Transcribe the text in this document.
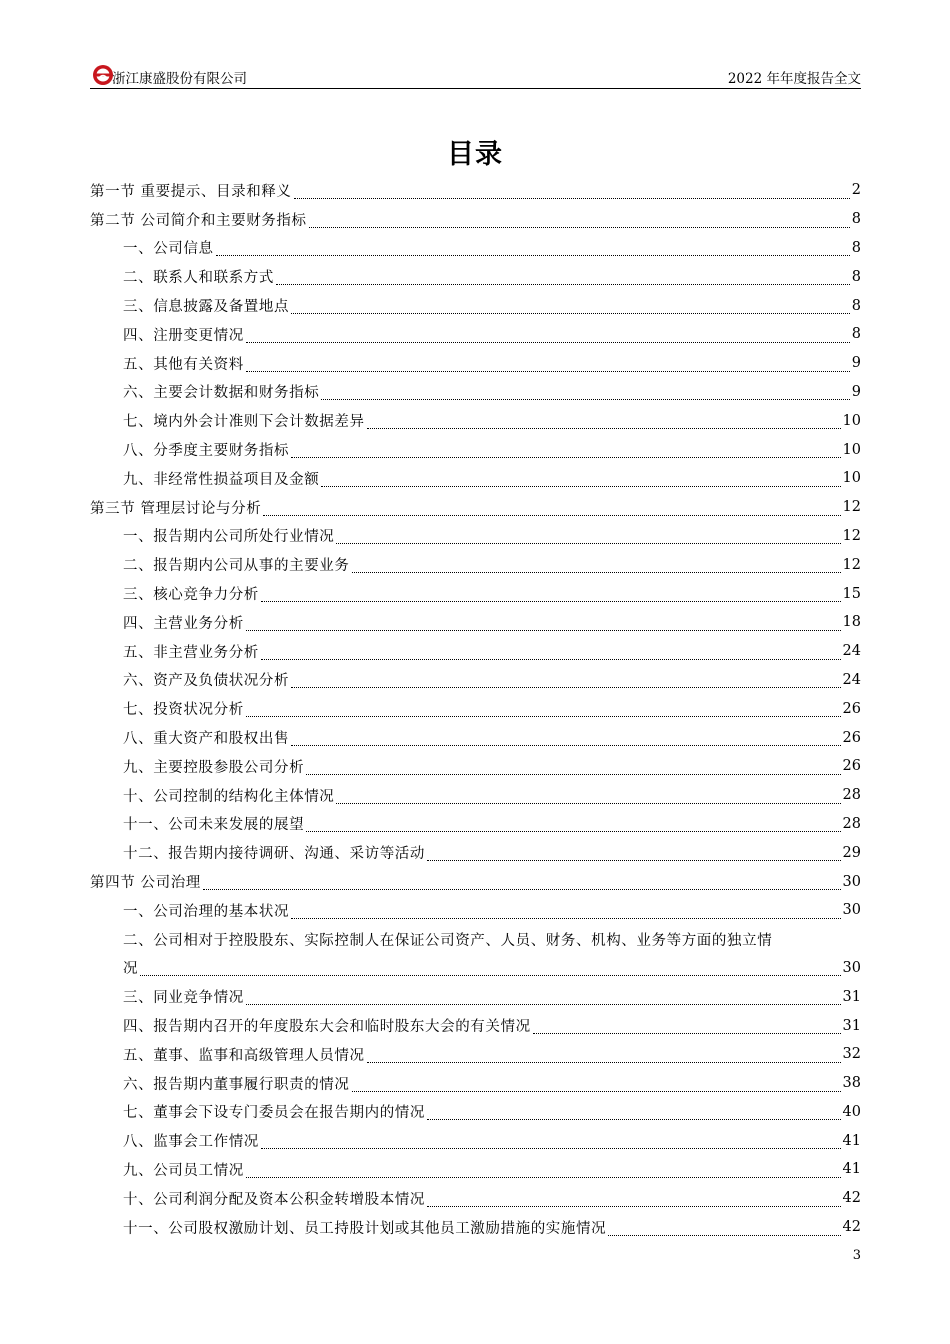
浙江康盛股份有限公司	2022 年年度报告全文
目录
第一节 重要提示、目录和释义	2
第二节 公司简介和主要财务指标	8
一、公司信息	8
二、联系人和联系方式	8
三、信息披露及备置地点	8
四、注册变更情况	8
五、其他有关资料	9
六、主要会计数据和财务指标	9
七、境内外会计准则下会计数据差异	10
八、分季度主要财务指标	10
九、非经常性损益项目及金额	10
第三节 管理层讨论与分析	12
一、报告期内公司所处行业情况	12
二、报告期内公司从事的主要业务	12
三、核心竞争力分析	15
四、主营业务分析	18
五、非主营业务分析	24
六、资产及负债状况分析	24
七、投资状况分析	26
八、重大资产和股权出售	26
九、主要控股参股公司分析	26
十、公司控制的结构化主体情况	28
十一、公司未来发展的展望	28
十二、报告期内接待调研、沟通、采访等活动	29
第四节 公司治理	30
一、公司治理的基本状况	30
二、公司相对于控股股东、实际控制人在保证公司资产、人员、财务、机构、业务等方面的独立情
况	30
三、同业竞争情况	31
四、报告期内召开的年度股东大会和临时股东大会的有关情况	31
五、董事、监事和高级管理人员情况	32
六、报告期内董事履行职责的情况	38
七、董事会下设专门委员会在报告期内的情况	40
八、监事会工作情况	41
九、公司员工情况	41
十、公司利润分配及资本公积金转增股本情况	42
十一、公司股权激励计划、员工持股计划或其他员工激励措施的实施情况	42
3
